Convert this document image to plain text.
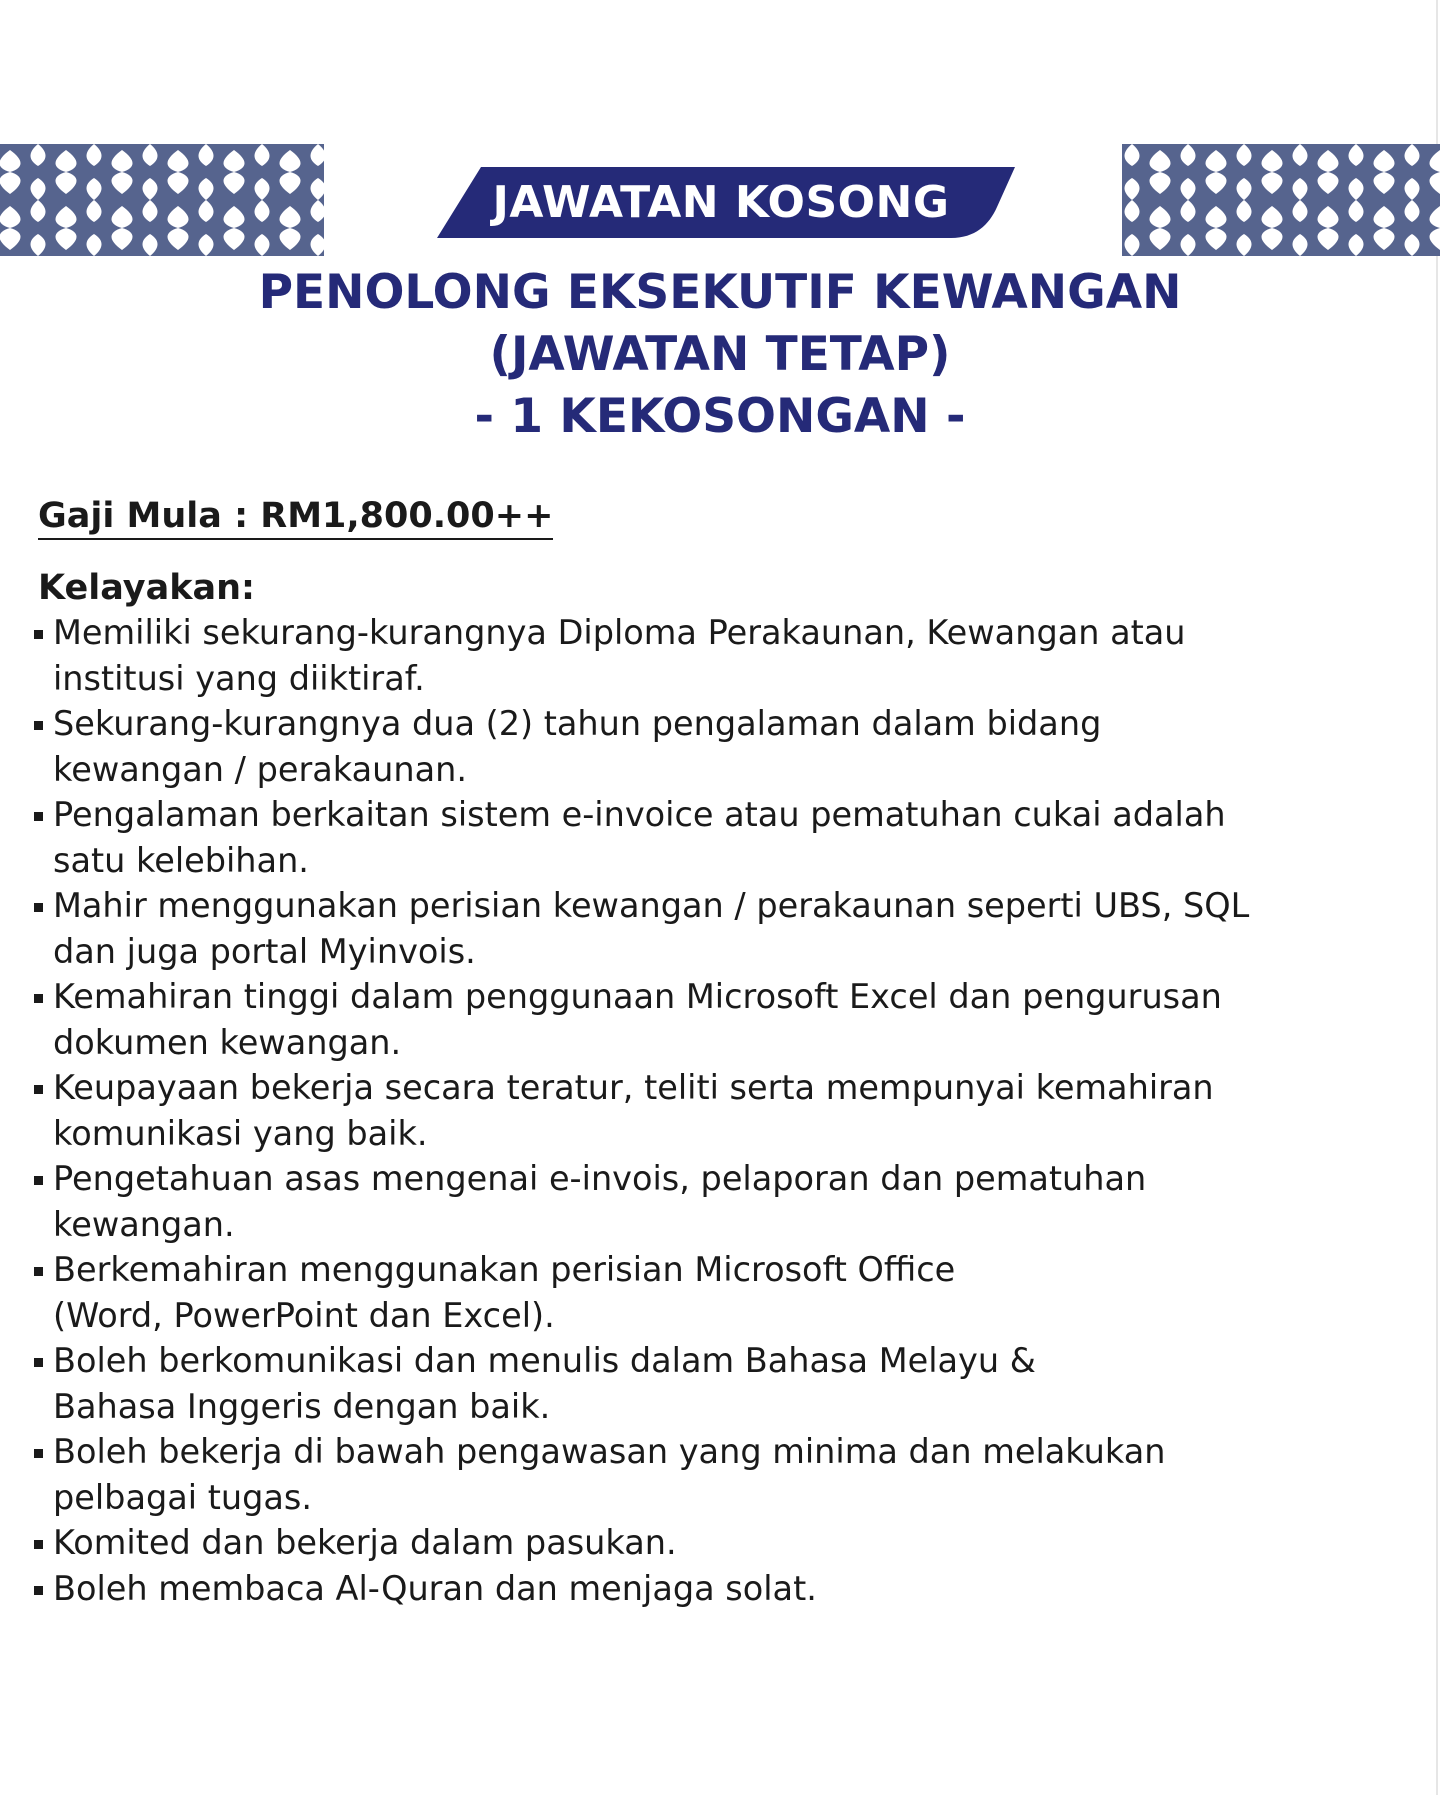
JAWATAN KOSONG
PENOLONG EKSEKUTIF KEWANGAN
(JAWATAN TETAP)
- 1 KEKOSONGAN -
Gaji Mula : RM1,800.00++
Kelayakan:
Memiliki sekurang-kurangnya Diploma Perakaunan, Kewangan atau
institusi yang diiktiraf.
Sekurang-kurangnya dua (2) tahun pengalaman dalam bidang
kewangan / perakaunan.
Pengalaman berkaitan sistem e-invoice atau pematuhan cukai adalah
satu kelebihan.
Mahir menggunakan perisian kewangan / perakaunan seperti UBS, SQL
dan juga portal Myinvois.
Kemahiran tinggi dalam penggunaan Microsoft Excel dan pengurusan
dokumen kewangan.
Keupayaan bekerja secara teratur, teliti serta mempunyai kemahiran
komunikasi yang baik.
Pengetahuan asas mengenai e-invois, pelaporan dan pematuhan
kewangan.
Berkemahiran menggunakan perisian Microsoft Office
(Word, PowerPoint dan Excel).
Boleh berkomunikasi dan menulis dalam Bahasa Melayu &
Bahasa Inggeris dengan baik.
Boleh bekerja di bawah pengawasan yang minima dan melakukan
pelbagai tugas.
Komited dan bekerja dalam pasukan.
Boleh membaca Al-Quran dan menjaga solat.
